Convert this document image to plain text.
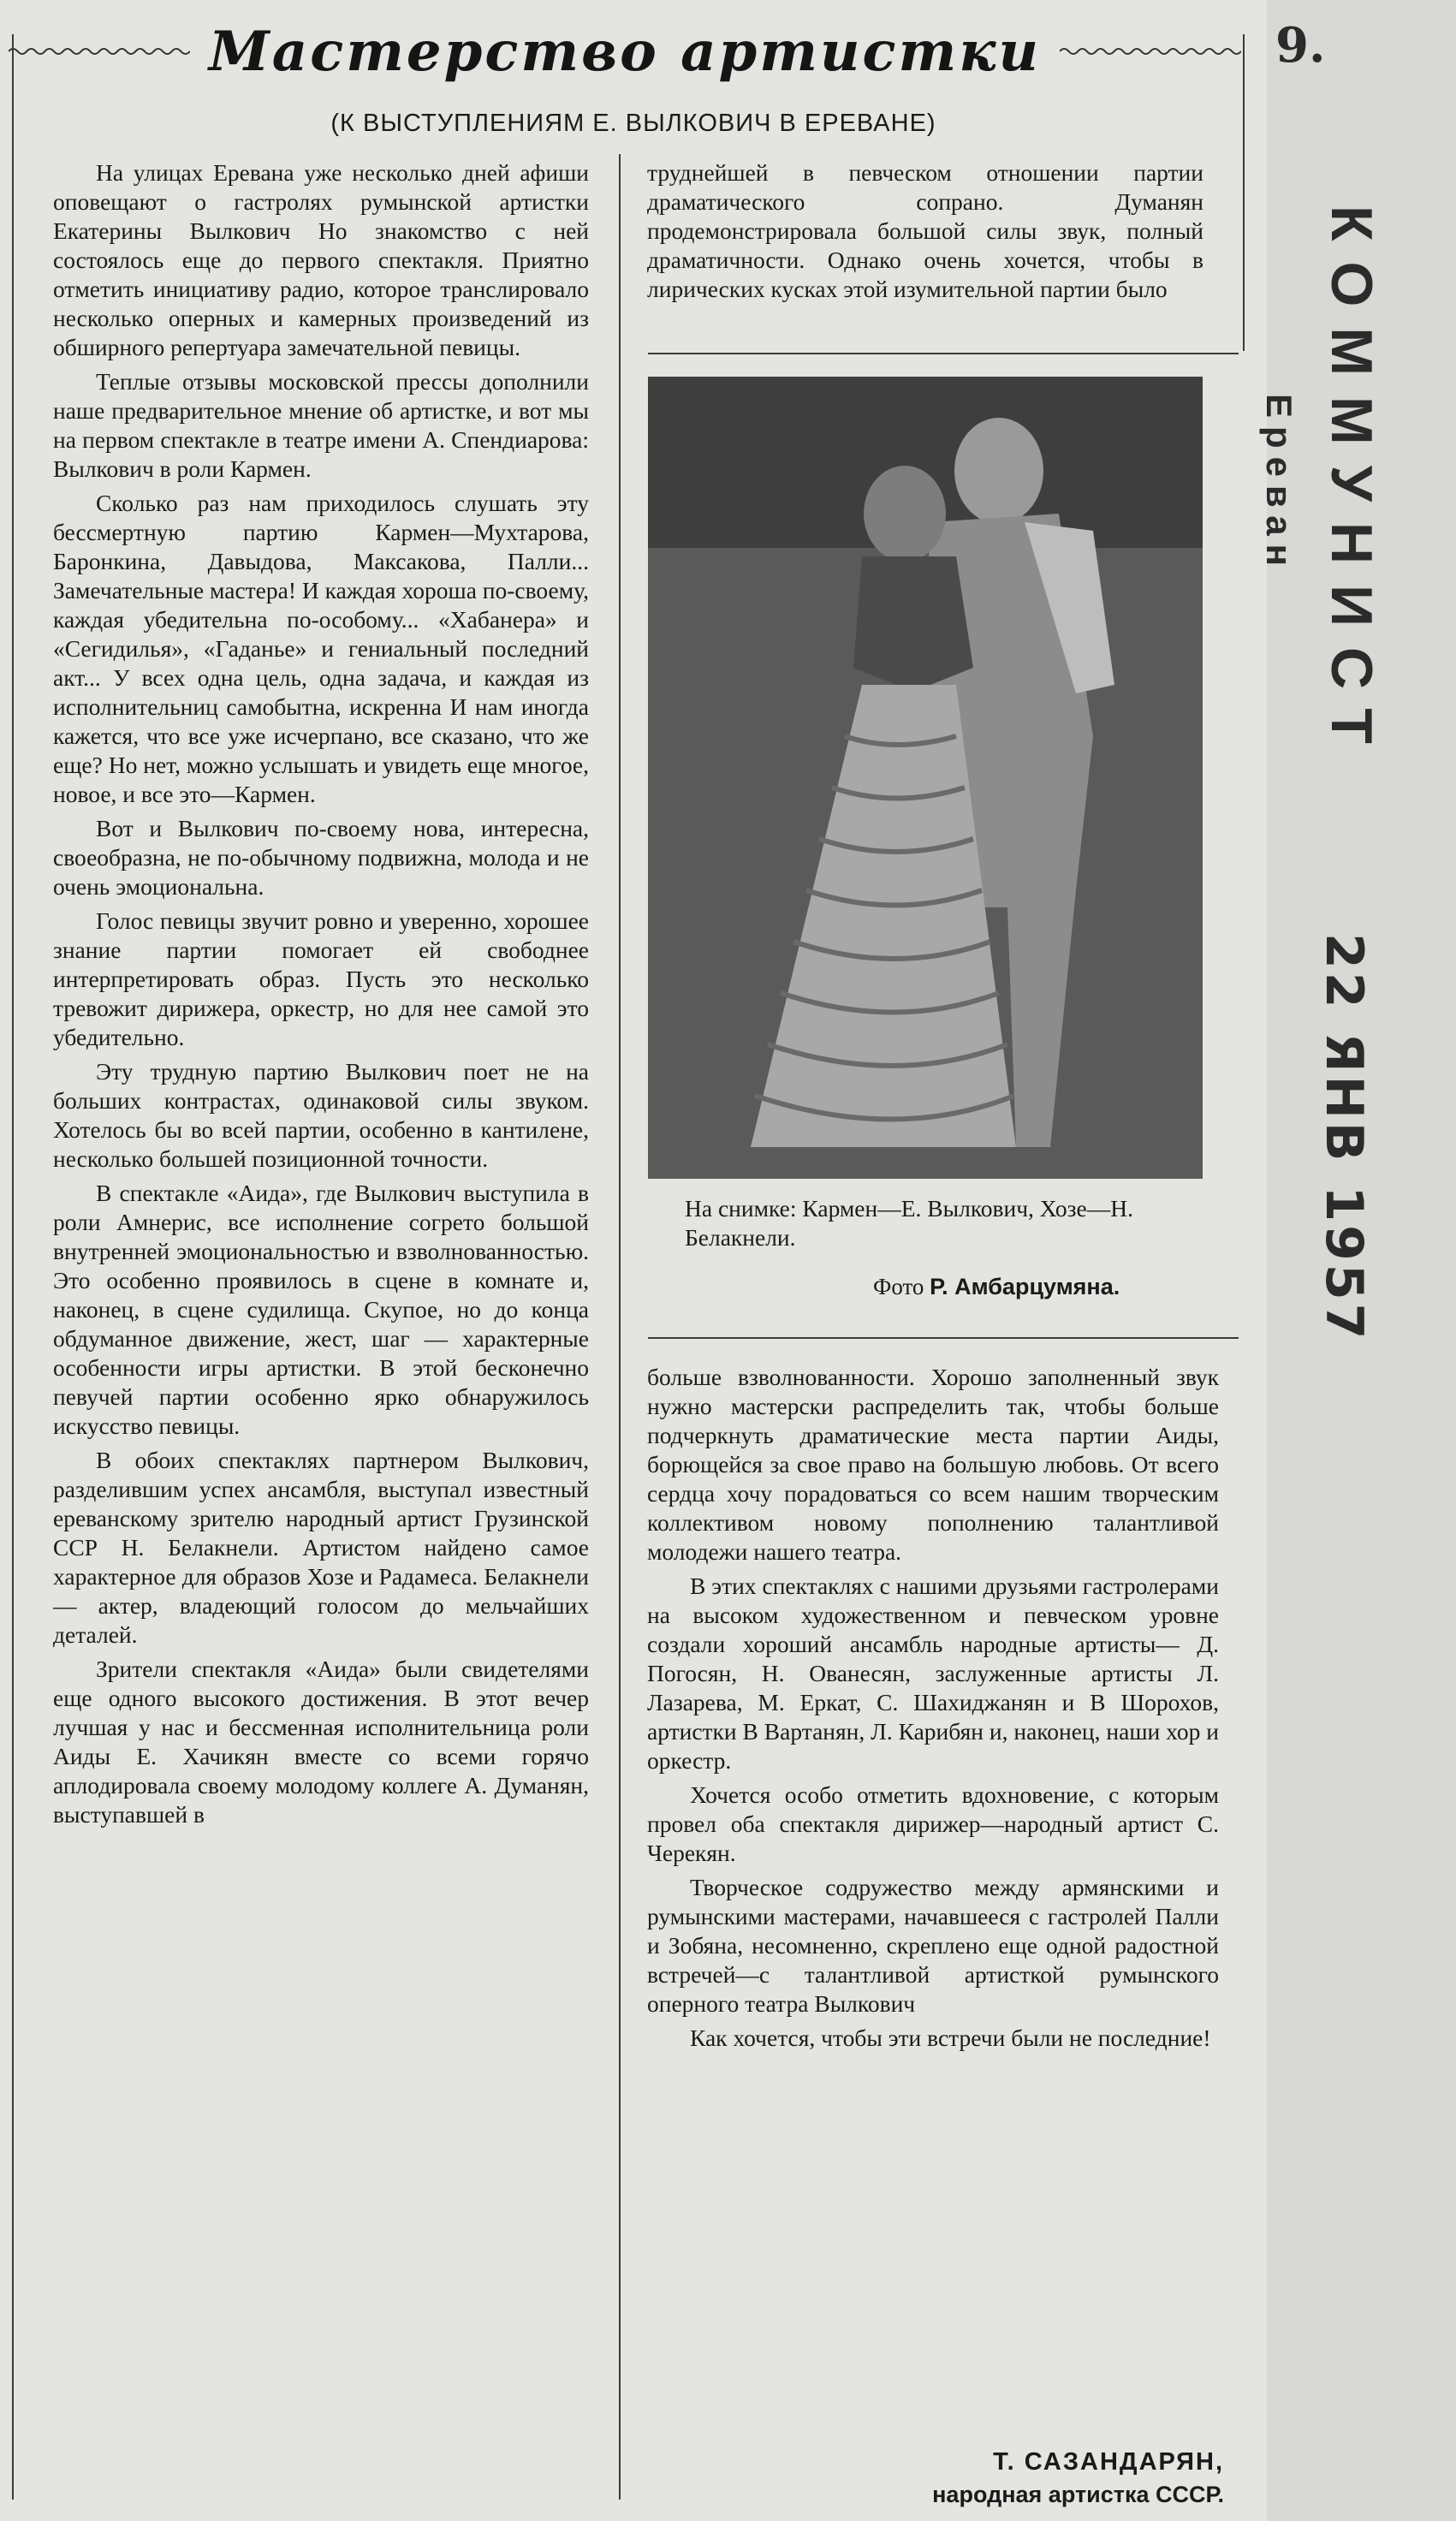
9.
Мастерство артистки
(К ВЫСТУПЛЕНИЯМ Е. ВЫЛКОВИЧ В ЕРЕВАНЕ)

На улицах Еревана уже несколько дней афиши оповещают о гастролях румынской артистки Екатерины Вылкович Но знакомство с ней состоялось еще до первого спектакля. Приятно отметить инициативу радио, которое транслировало несколько оперных и камерных произведений из обширного репертуара замечательной певицы.

Теплые отзывы московской прессы дополнили наше предварительное мнение об артистке, и вот мы на первом спектакле в театре имени А. Спендиарова: Вылкович в роли Кармен.

Сколько раз нам приходилось слушать эту бессмертную партию Кармен—Мухтарова, Баронкина, Давыдова, Максакова, Палли... Замечательные мастера! И каждая хороша по-своему, каждая убедительна по-особому... «Хабанера» и «Сегидилья», «Гаданье» и гениальный последний акт... У всех одна цель, одна задача, и каждая из исполнительниц самобытна, искренна И нам иногда кажется, что все уже исчерпано, все сказано, что же еще? Но нет, можно услышать и увидеть еще многое, новое, и все это—Кармен.

Вот и Вылкович по-своему нова, интересна, своеобразна, не по-обычному подвижна, молода и не очень эмоциональна.

Голос певицы звучит ровно и уверенно, хорошее знание партии помогает ей свободнее интерпретировать образ. Пусть это несколько тревожит дирижера, оркестр, но для нее самой это убедительно.

Эту трудную партию Вылкович поет не на больших контрастах, одинаковой силы звуком. Хотелось бы во всей партии, особенно в кантилене, несколько большей позиционной точности.

В спектакле «Аида», где Вылкович выступила в роли Амнерис, все исполнение согрето большой внутренней эмоциональностью и взволнованностью. Это особенно проявилось в сцене в комнате и, наконец, в сцене судилища. Скупое, но до конца обдуманное движение, жест, шаг — характерные особенности игры артистки. В этой бесконечно певучей партии особенно ярко обнаружилось искусство певицы.

В обоих спектаклях партнером Вылкович, разделившим успех ансамбля, выступал известный ереванскому зрителю народный артист Грузинской ССР Н. Белакнели. Артистом найдено самое характерное для образов Хозе и Радамеса. Белакнели — актер, владеющий голосом до мельчайших деталей.

Зрители спектакля «Аида» были свидетелями еще одного высокого достижения. В этот вечер лучшая у нас и бессменная исполнительница роли Аиды Е. Хачикян вместе со всеми горячо аплодировала своему молодому коллеге А. Думанян, выступавшей в

труднейшей в певческом отношении партии драматического сопрано. Думанян продемонстрировала большой силы звук, полный драматичности. Однако очень хочется, чтобы в лирических кусках этой изумительной партии было

На снимке: Кармен—Е. Вылкович, Хозе—Н. Белакнели.
Фото Р. Амбарцумяна.

больше взволнованности. Хорошо заполненный звук нужно мастерски распределить так, чтобы больше подчеркнуть драматические места партии Аиды, борющейся за свое право на большую любовь. От всего сердца хочу порадоваться со всем нашим творческим коллективом новому пополнению талантливой молодежи нашего театра.

В этих спектаклях с нашими друзьями гастролерами на высоком художественном и певческом уровне создали хороший ансамбль народные артисты— Д. Погосян, Н. Ованесян, заслуженные артисты Л. Лазарева, М. Еркат, С. Шахиджанян и В Шорохов, артистки В Вартанян, Л. Карибян и, наконец, наши хор и оркестр.

Хочется особо отметить вдохновение, с которым провел оба спектакля дирижер—народный артист С. Черекян.

Творческое содружество между армянскими и румынскими мастерами, начавшееся с гастролей Палли и Зобяна, несомненно, скреплено еще одной радостной встречей—с талантливой артисткой румынского оперного театра Вылкович

Как хочется, чтобы эти встречи были не последние!

Т. САЗАНДАРЯН,
народная артистка СССР.
КОММУНИСТ
Ереван
22 ЯНВ 1957
